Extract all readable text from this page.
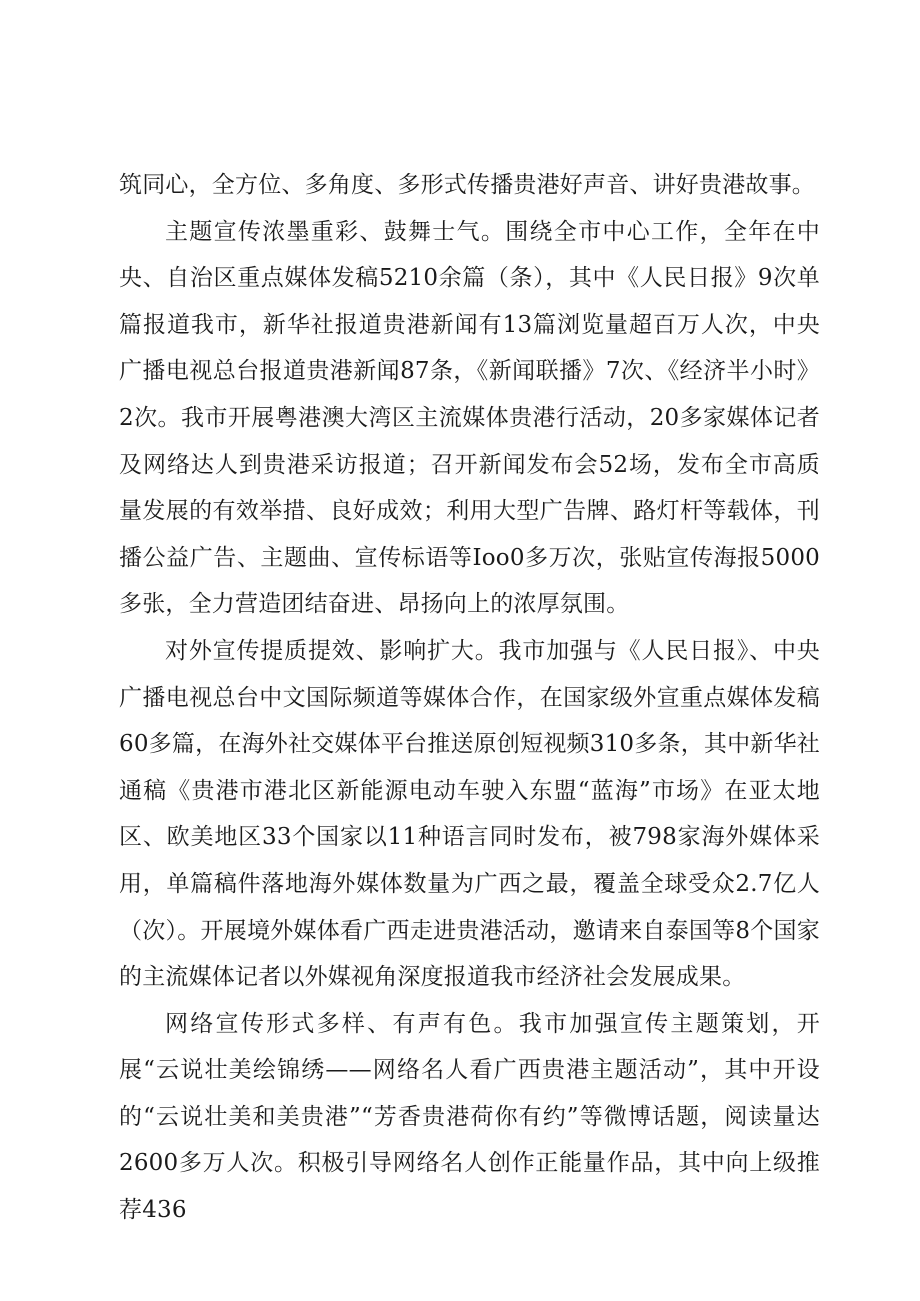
筑同心，全方位、多角度、多形式传播贵港好声音、讲好贵港故事。

主题宣传浓墨重彩、鼓舞士气。围绕全市中心工作，全年在中央、自治区重点媒体发稿5210余篇（条），其中《人民日报》9次单篇报道我市，新华社报道贵港新闻有13篇浏览量超百万人次，中央广播电视总台报道贵港新闻87条，《新闻联播》7次、《经济半小时》2次。我市开展粤港澳大湾区主流媒体贵港行活动，20多家媒体记者及网络达人到贵港采访报道；召开新闻发布会52场，发布全市高质量发展的有效举措、良好成效；利用大型广告牌、路灯杆等载体，刊播公益广告、主题曲、宣传标语等Ioo0多万次，张贴宣传海报5000多张，全力营造团结奋进、昂扬向上的浓厚氛围。

对外宣传提质提效、影响扩大。我市加强与《人民日报》、中央广播电视总台中文国际频道等媒体合作，在国家级外宣重点媒体发稿60多篇，在海外社交媒体平台推送原创短视频310多条，其中新华社通稿《贵港市港北区新能源电动车驶入东盟“蓝海”市场》在亚太地区、欧美地区33个国家以11种语言同时发布，被798家海外媒体采用，单篇稿件落地海外媒体数量为广西之最，覆盖全球受众2.7亿人（次）。开展境外媒体看广西走进贵港活动，邀请来自泰国等8个国家的主流媒体记者以外媒视角深度报道我市经济社会发展成果。

网络宣传形式多样、有声有色。我市加强宣传主题策划，开展“云说壮美绘锦绣——网络名人看广西贵港主题活动”，其中开设的“云说壮美和美贵港”“芳香贵港荷你有约”等微博话题，阅读量达2600多万人次。积极引导网络名人创作正能量作品，其中向上级推荐436
